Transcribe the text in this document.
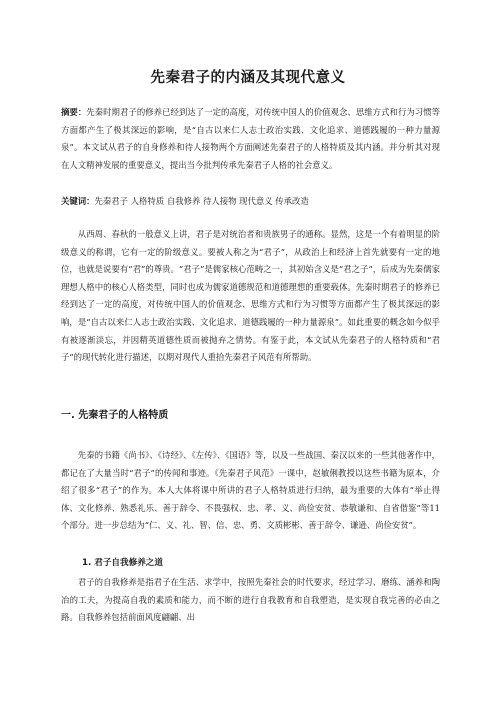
先秦君子的内涵及其现代意义
摘要：先秦时期君子的修养已经到达了一定的高度，对传统中国人的价值观念、思维方式和行为习惯等方面都产生了极其深远的影响，是“自古以来仁人志士政治实践、文化追求、道德践履的一种力量源泉”。本文试从君子的自身修养和待人接物两个方面阐述先秦君子的人格特质及其内涵。并分析其对现在人文精神发展的重要意义，提出当今批判传承先秦君子人格的社会意义。
关键词：先秦君子 人格特质 自我修养 待人接物 现代意义 传承改造
从西周、春秋的一般意义上讲，君子是对统治者和贵族男子的通称。显然，这是一个有着明显的阶级意义的称谓，它有一定的阶级意义。要被人称之为“君子”，从政治上和经济上首先就要有一定的地位，也就是说要有“君”的尊贵。“君子”是儒家核心范畴之一，其初始含义是“君之子”，后成为先秦儒家理想人格中的核心人格类型，同时也成为儒家道德规范和道德理想的重要载体。先秦时期君子的修养已经到达了一定的高度，对传统中国人的价值观念、思维方式和行为习惯等方面都产生了极其深远的影响，是“自古以来仁人志士政治实践、文化追求、道德践履的一种力量源泉”。如此重要的概念如今似乎有被逐渐淡忘，并因精英道德性质而被抛弃之情势。有鉴于此，本文试从先秦君子的人格特质和“君子”的现代转化进行描述，以期对现代人重拾先秦君子风范有所帮助。
一. 先秦君子的人格特质
先秦的书籍《尚书》、《诗经》、《左传》、《国语》等，以及一些战国、秦汉以来的一些其他著作中，都记在了大量当时“君子”的传闻和事迹。《先秦君子风范》一课中，赵敏俐教授以这些书籍为原本，介绍了很多“君子”的作为。本人大体将课中所讲的君子人格特质进行归纳，最为重要的大体有“举止得体、文化修养、熟悉礼乐、善于辞令、不畏强权、忠、孝、义、尚俭安贫、恭敬谦和、自省借鉴”等11个部分。进一步总结为“仁、义、礼、智、信、忠、勇、文质彬彬、善于辞令、谦逊、尚俭安贫”。
1. 君子自我修养之道
君子的自我修养是指君子在生活、求学中，按照先秦社会的时代要求，经过学习、磨练、涵养和陶冶的工夫，为提高自我的素质和能力，而不断的进行自我教育和自我塑造，是实现自我完善的必由之路。自我修养包括前面风度翩翩、出
